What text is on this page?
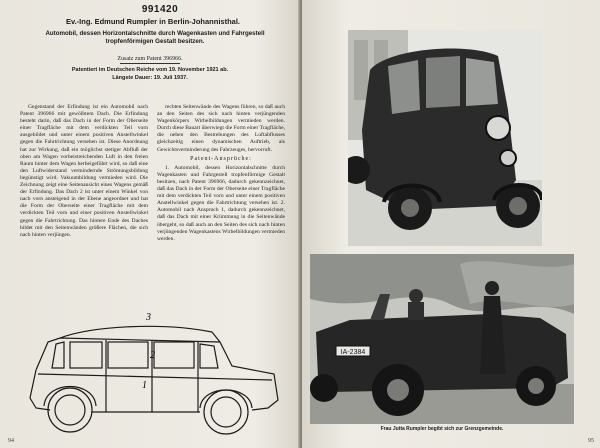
991420
Ev.-Ing. Edmund Rumpler in Berlin-Johannisthal.
Automobil, dessen Horizontalschnitte durch Wagenkasten und Fahrgestell tropfenförmigen Gestalt besitzen.
Zusatz zum Patent 396966.
Patentiert im Deutschen Reiche vom 19. November 1921 ab.
Längste Dauer: 19. Juli 1937.

Gegenstand der Erfindung ist ein Automobil nach Patent 396966 mit gewölbtem Dach. Die Erfindung besteht darin, daß das Dach in der Form der Oberseite einer Tragfläche mit dem verdickten Teil vorn ausgebildet und unter einem positiven Anstellwinkel gegen die Fahrtrichtung versehen ist. Diese Anordnung hat zur Wirkung, daß ein möglichst stetiger Abfluß der oben am Wagen vorbeistreichenden Luft in den freien Raum hinter dem Wagen herbeigeführt wird, so daß eine den Luftwiderstand vermindernde Strömungsbildung begünstigt wird. Vakuumbildung vermieden wird. Die Zeichnung zeigt eine Seitenansicht eines Wagens gemäß der Erfindung. Das Dach 2 ist unter einem Winkel von nach vorn ansteigend in der Ebene angeordnet und hat die Form der Oberseite einer Tragfläche mit dem verdickten Teil vorn und einer positiven Anstellwinkel gegen die Fahrtrichtung. Das hintere Ende des Daches bildet mit den Seitenwänden größere Flächen, die sich nach hinten verjüngen.

rechten Seitenwände des Wagens führen, so daß auch an den Seiten des sich nach hinten verjüngenden Wagenkörpers Wirbelbildungen vermieden werden. Durch diese Bauart überwiegt die Form einer Tragfläche, die neben den Bestrebungen des Luftabflusses gleichzeitig einen dynamischen Auftrieb, als Gewichtsverminderung des Fahrzeuges, hervorruft.

Patent-Ansprüche:

1. Automobil, dessen Horizontalschnitte durch Wagenkasten und Fahrgestell tropfenförmige Gestalt besitzen, nach Patent 396966, dadurch gekennzeichnet, daß das Dach in der Form der Oberseite einer Tragfläche mit dem verdickten Teil vorn und unter einem positiven Anstellwinkel gegen die Fahrtrichtung versehen ist. 2. Automobil nach Anspruch 1, dadurch gekennzeichnet, daß das Dach mit einer Krümmung in die Seitenwände übergeht, so daß auch an den Seiten des sich nach hinten verjüngenden Wagenkastens Wirbelbildungen vermieden werden.

3
2
1
94
IA-2384
Frau Jutta Rumpler begibt sich zur Grenzgemeinde.
95
